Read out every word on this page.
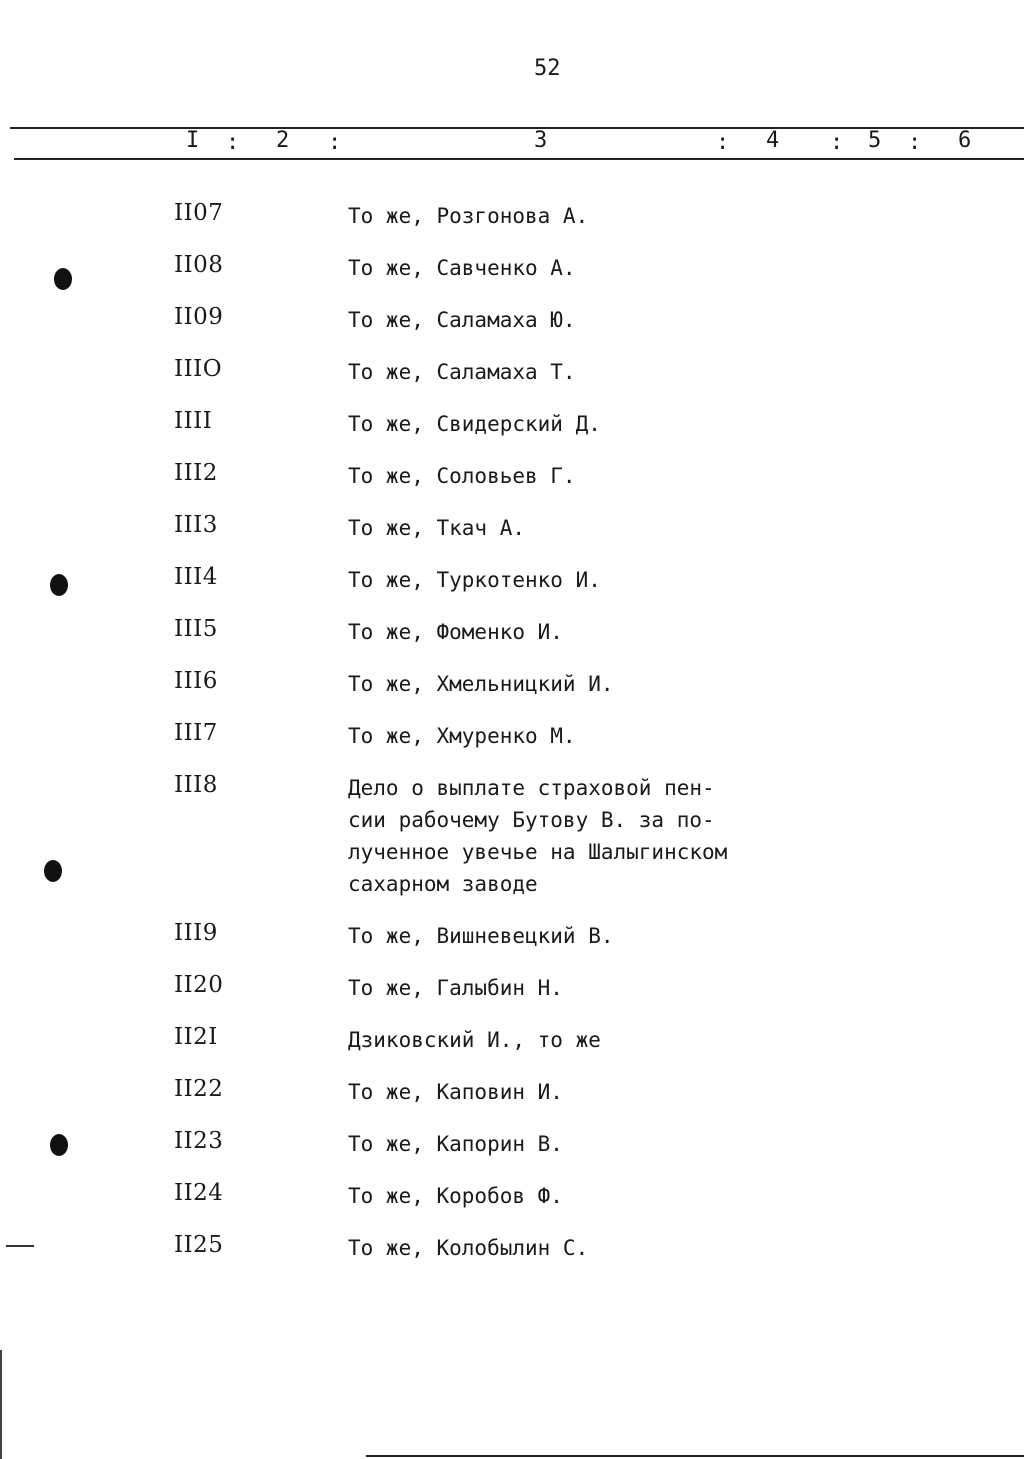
52
I : 2 :	3	: 4 : 5 : 6
II07	То же, Розгонова А.
II08	То же, Савченко А.
II09	То же, Саламаха Ю.
IIIО	То же, Саламаха Т.
IIII	То же, Свидерский Д.
III2	То же, Соловьев Г.
III3	То же, Ткач А.
III4	То же, Туркотенко И.
III5	То же, Фоменко И.
III6	То же, Хмельницкий И.
III7	То же, Хмуренко М.
III8	Дело о выплате страховой пен-
сии рабочему Бутову В. за по-
лученное увечье на Шалыгинском
сахарном заводе
III9	То же, Вишневецкий В.
II20	То же, Галыбин Н.
II2I	Дзиковский И., то же
II22	То же, Каповин И.
II23	То же, Капорин В.
II24	То же, Коробов Ф.
II25	То же, Колобылин С.
